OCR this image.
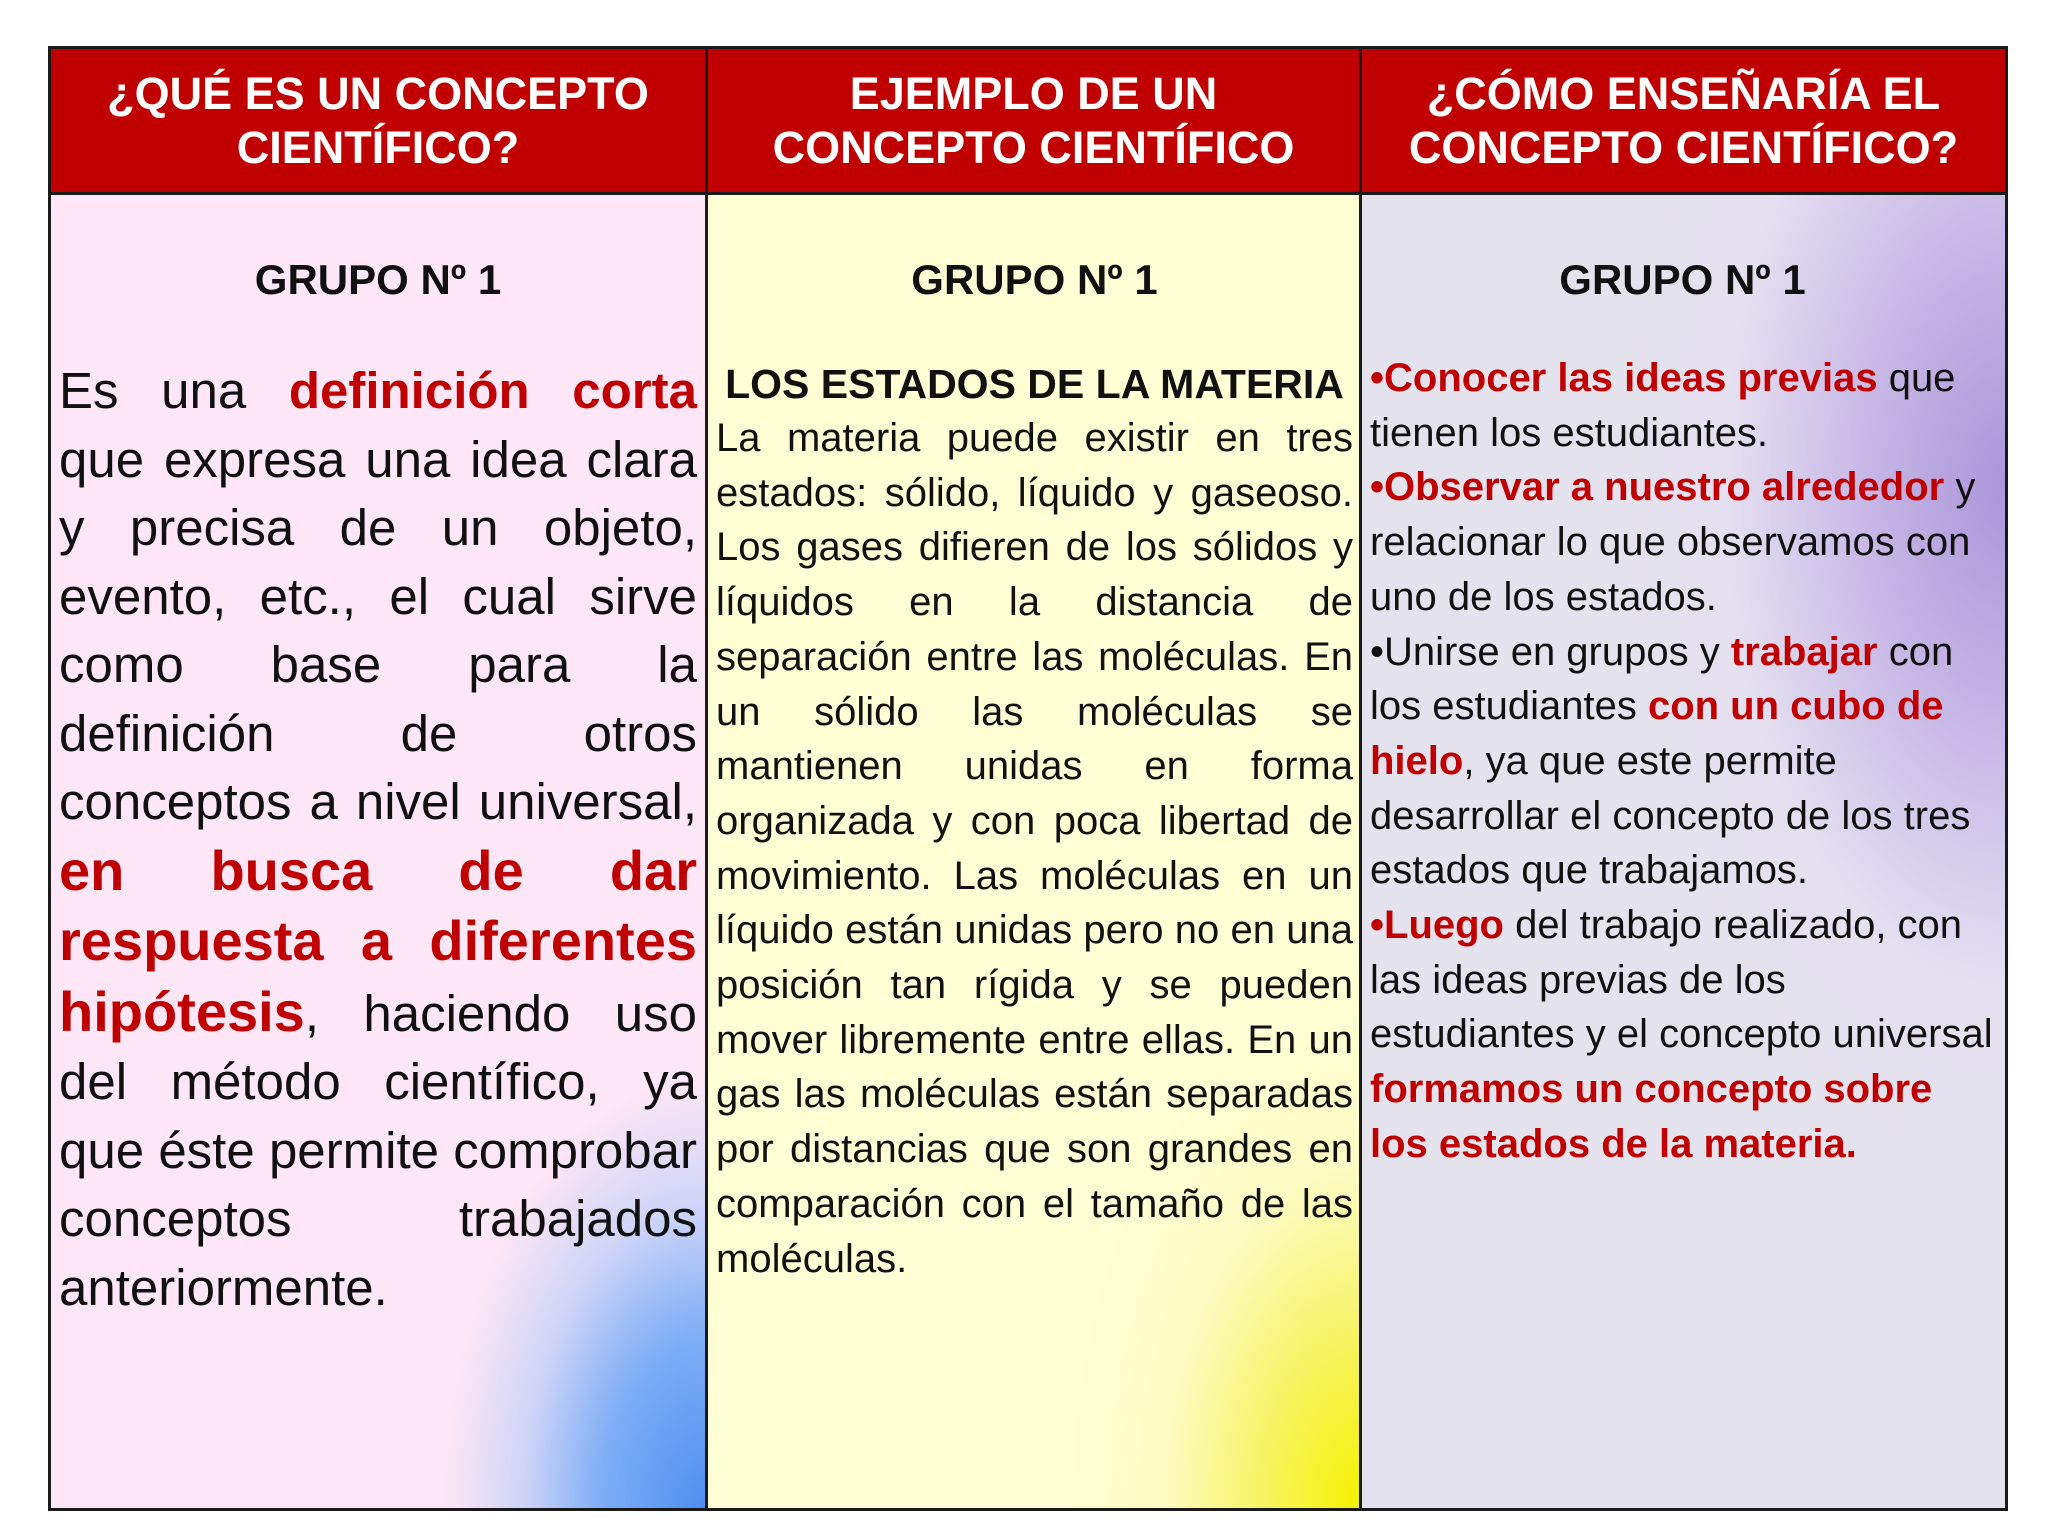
¿QUÉ ES UN CONCEPTO CIENTÍFICO?
EJEMPLO DE UN CONCEPTO CIENTÍFICO
¿CÓMO ENSEÑARÍA EL CONCEPTO CIENTÍFICO?
GRUPO Nº 1
Es una definición corta que expresa una idea clara y precisa de un objeto, evento, etc., el cual sirve como base para la definición de otros conceptos a nivel universal, en busca de dar respuesta a diferentes hipótesis, haciendo uso del método científico, ya que éste permite comprobar conceptos trabajados anteriormente.
GRUPO Nº 1
LOS ESTADOS DE LA MATERIA
La materia puede existir en tres estados: sólido, líquido y gaseoso. Los gases difieren de los sólidos y líquidos en la distancia de separación entre las moléculas. En un sólido las moléculas se mantienen unidas en forma organizada y con poca libertad de movimiento. Las moléculas en un líquido están unidas pero no en una posición tan rígida y se pueden mover libremente entre ellas. En un gas las moléculas están separadas por distancias que son grandes en comparación con el tamaño de las moléculas.
GRUPO Nº 1
•Conocer las ideas previas que tienen los estudiantes.
•Observar a nuestro alrededor y relacionar lo que observamos con uno de los estados.
•Unirse en grupos y trabajar con los estudiantes con un cubo de hielo, ya que este permite desarrollar el concepto de los tres estados que trabajamos.
•Luego del trabajo realizado, con las ideas previas de los estudiantes y el concepto universal formamos un concepto sobre los estados de la materia.
